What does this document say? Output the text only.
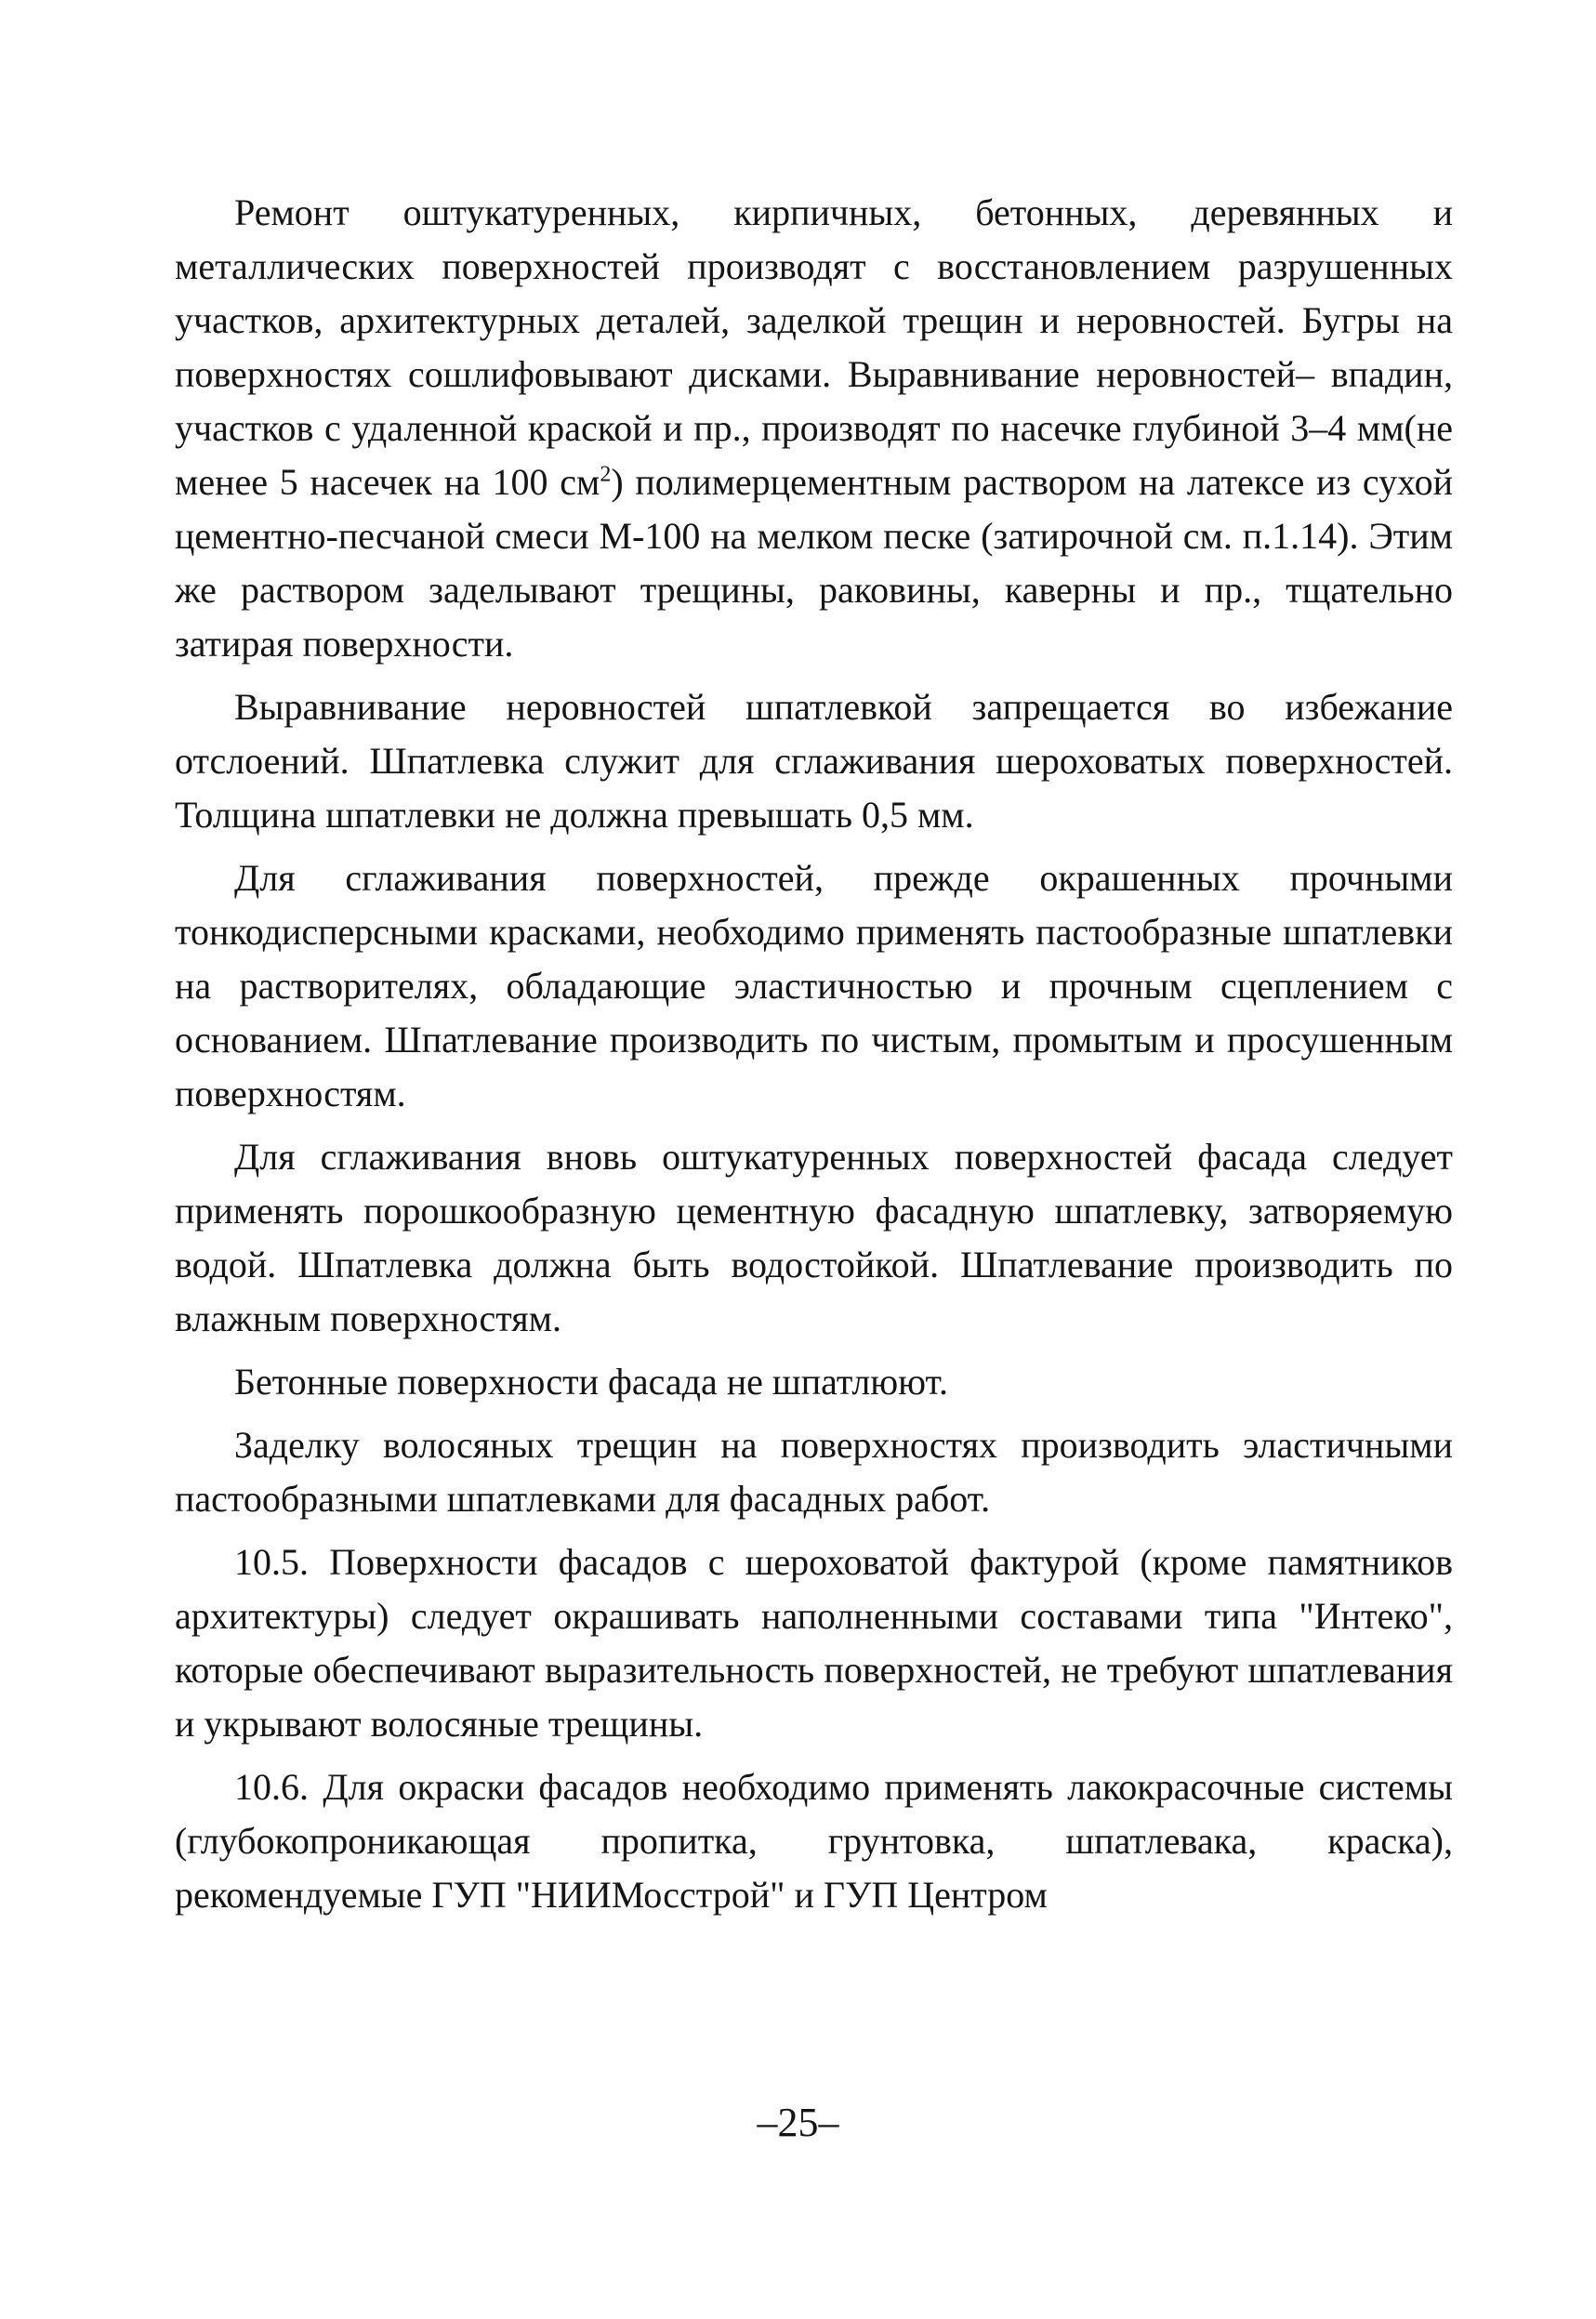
Ремонт оштукатуренных, кирпичных, бетонных, деревянных и металлических поверхностей производят с восстановлением разрушенных участков, архитектурных деталей, заделкой трещин и неровностей. Бугры на поверхностях сошлифовывают дисками. Выравнивание неровностей– впадин, участков с удаленной краской и пр., производят по насечке глубиной 3–4 мм(не менее 5 насечек на 100 $см^2$) полимерцементным раствором на латексе из сухой цементно-песчаной смеси М-100 на мелком песке (затирочной см. п.1.14). Этим же раствором заделывают трещины, раковины, каверны и пр., тщательно затирая поверхности.

Выравнивание неровностей шпатлевкой запрещается во избежание отслоений. Шпатлевка служит для сглаживания шероховатых поверхностей. Толщина шпатлевки не должна превышать 0,5 мм.

Для сглаживания поверхностей, прежде окрашенных прочными тонкодисперсными красками, необходимо применять пастообразные шпатлевки на растворителях, обладающие эластичностью и прочным сцеплением с основанием. Шпатлевание производить по чистым, промытым и просушенным поверхностям.

Для сглаживания вновь оштукатуренных поверхностей фасада следует применять порошкообразную цементную фасадную шпатлевку, затворяемую водой. Шпатлевка должна быть водостойкой. Шпатлевание производить по влажным поверхностям.

Бетонные поверхности фасада не шпатлюют.

Заделку волосяных трещин на поверхностях производить эластичными пастообразными шпатлевками для фасадных работ.

10.5. Поверхности фасадов с шероховатой фактурой (кроме памятников архитектуры) следует окрашивать наполненными составами типа "Интеко", которые обеспечивают выразительность поверхностей, не требуют шпатлевания и укрывают волосяные трещины.

10.6. Для окраски фасадов необходимо применять лакокрасочные системы (глубокопроникающая пропитка, грунтовка, шпатлевака, краска), рекомендуемые ГУП "НИИМосстрой" и ГУП Центром

–25–
